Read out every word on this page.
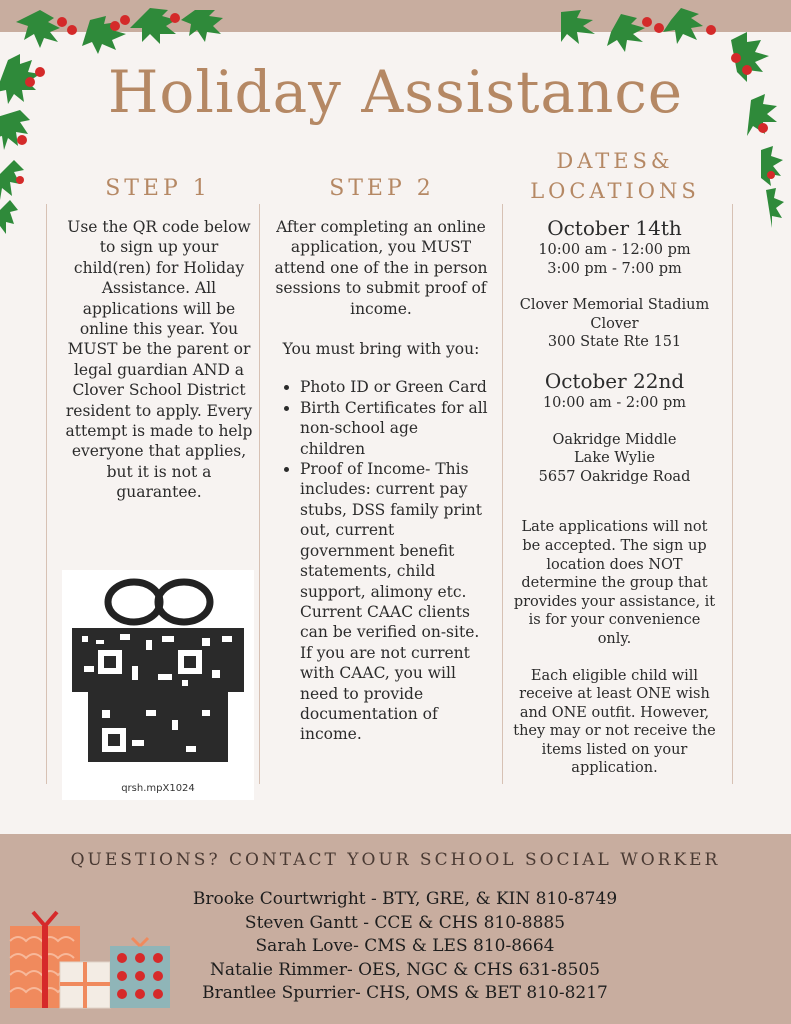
Holiday Assistance
STEP 1	STEP 2
DATES&
LOCATIONS
Use the QR code below to sign up your child(ren) for Holiday Assistance. All applications will be online this year. You MUST be the parent or legal guardian AND a Clover School District resident to apply. Every attempt is made to help everyone that applies, but it is not a guarantee.
qrsh.mpX1024
After completing an online application, you MUST attend one of the in person sessions to submit proof of income.
You must bring with you:
• Photo ID or Green Card
• Birth Certificates for all non-school age children
• Proof of Income- This includes: current pay stubs, DSS family print out, current government benefit statements, child support, alimony etc. Current CAAC clients can be verified on-site. If you are not current with CAAC, you will need to provide documentation of income.
October 14th
10:00 am - 12:00 pm
3:00 pm - 7:00 pm
Clover Memorial Stadium
Clover
300 State Rte 151
October 22nd
10:00 am - 2:00 pm
Oakridge Middle
Lake Wylie
5657 Oakridge Road
Late applications will not be accepted. The sign up location does NOT determine the group that provides your assistance, it is for your convenience only.
Each eligible child will receive at least ONE wish and ONE outfit. However, they may or not receive the items listed on your application.
QUESTIONS? CONTACT YOUR SCHOOL SOCIAL WORKER
Brooke Courtwright - BTY, GRE, & KIN 810-8749
Steven Gantt - CCE & CHS 810-8885
Sarah Love- CMS & LES 810-8664
Natalie Rimmer- OES, NGC & CHS 631-8505
Brantlee Spurrier- CHS, OMS & BET 810-8217
